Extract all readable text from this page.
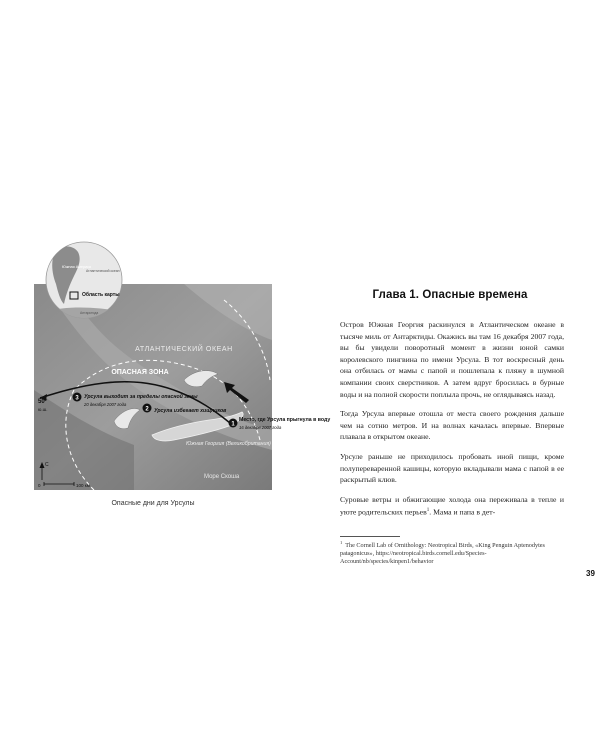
1
2
3
АТЛАНТИЧЕСКИЙ ОКЕАН
ОПАСНАЯ ЗОНА
Место, где Урсула прыгнула в воду
16 декабря 2007 года
Урсула избегает хищников
Урсула выходит за пределы опасной зоны
20 декабря 2007 года
Южная Георгия (Великобритания)
Море Скоша
50°
ю.ш.
С
0	100 км
Южная Америка
Атлантический океан
Антарктида
Область карты
Опасные дни для Урсулы
Глава 1. Опасные времена

Остров Южная Георгия раскинулся в Атлантическом океане в тысяче миль от Антарктиды. Окажись вы там 16 декабря 2007 года, вы бы увидели поворотный момент в жизни юной самки королевского пингвина по имени Урсула. В тот воскресный день она отбилась от мамы с папой и пошлепала к пляжу в шумной компании своих сверстников. А затем вдруг бросилась в бурные воды и на полной скорости поплыла прочь, не оглядываясь назад.

Тогда Урсула впервые отошла от места своего рождения дальше чем на сотню метров. И на волнах качалась впервые. Впервые плавала в открытом океане.

Урсуле раньше не приходилось пробовать иной пищи, кроме полупереваренной кашицы, которую вкладывали мама с папой в ее раскрытый клюв.

Суровые ветры и обжигающие холода она переживала в тепле и уюте родительских перьев$^1$. Мама и папа в дет-

$^1$ The Cornell Lab of Ornithology: Neotropical Birds, «King Penguin Aptenodytes patagonicus», https://neotropical.birds.cornell.edu/Species-Account/nb/species/kinpen1/behavior
39
